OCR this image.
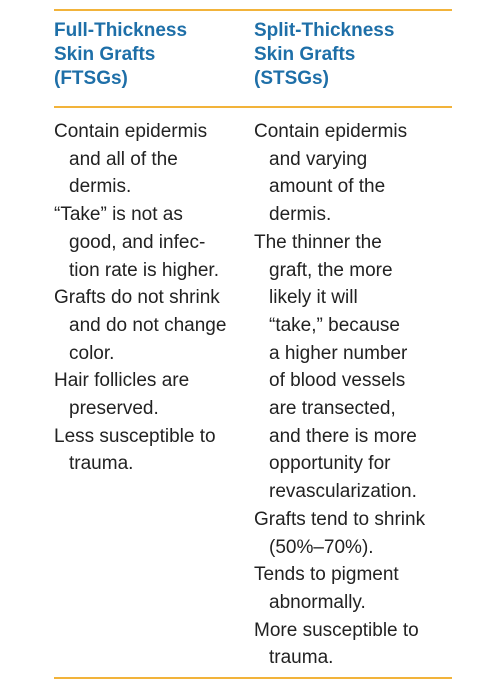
Full-Thickness
Skin Grafts
(FTSGs)
Split-Thickness
Skin Grafts
(STSGs)
Contain epidermis
and all of the
dermis.
“Take” is not as
good, and infec-
tion rate is higher.
Grafts do not shrink
and do not change
color.
Hair follicles are
preserved.
Less susceptible to
trauma.
Contain epidermis
and varying
amount of the
dermis.
The thinner the
graft, the more
likely it will
“take,” because
a higher number
of blood vessels
are transected,
and there is more
opportunity for
revascularization.
Grafts tend to shrink
(50%–70%).
Tends to pigment
abnormally.
More susceptible to
trauma.
